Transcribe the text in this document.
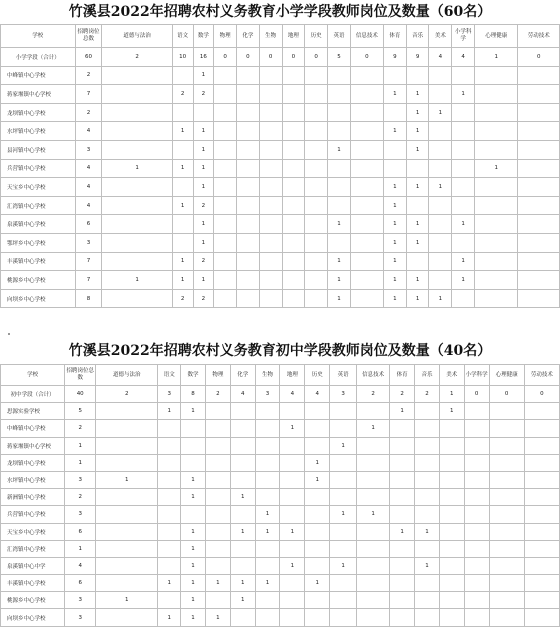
竹溪县2022年招聘农村义务教育小学学段教师岗位及数量（60名）
学校	招聘岗位总数	道德与法治	语文	数学	物理	化学	生物	地理	历史	英语	信息技术	体育	音乐	美术	小学科学	心理健康	劳动技术
小学学段（合计）	60	2	10	16	0	0	0	0	0	5	0	9	9	4	4	1	0
中峰镇中心学校	2			1													
蒋家堰镇中心学校	7		2	2								1	1		1		
龙坝镇中心学校	2												1	1			
水坪镇中心学校	4		1	1								1	1				
县河镇中心学校	3			1						1			1				
兵营镇中心学校	4	1	1	1												1	
天宝乡中心学校	4			1								1	1	1			
汇湾镇中心学校	4		1	2								1					
泉溪镇中心学校	6			1						1		1	1		1		
鄂坪乡中心学校	3			1								1	1				
丰溪镇中心学校	7		1	2						1		1			1		
桃源乡中心学校	7	1	1	1						1		1	1		1		
向坝乡中心学校	8		2	2						1		1	1	1			
竹溪县2022年招聘农村义务教育初中学段教师岗位及数量（40名）
学校	招聘岗位总数	道德与法治	语文	数学	物理	化学	生物	地理	历史	英语	信息技术	体育	音乐	美术	小学科学	心理健康	劳动技术
初中学段（合计）	40	2	3	8	2	4	3	4	4	3	2	2	2	1	0	0	0
思源实验学校	5		1	1								1		1			
中峰镇中心学校	2							1			1						
蒋家堰镇中心学校	1									1							
龙坝镇中心学校	1								1								
水坪镇中心学校	3	1		1					1								
新洲镇中心学校	2			1		1											
兵营镇中心学校	3						1			1	1						
天宝乡中心学校	6			1		1	1	1				1	1				
汇湾镇中心学校	1			1													
泉溪镇中心中学	4			1				1		1			1				
丰溪镇中心学校	6		1	1	1	1	1		1								
桃源乡中心学校	3	1		1		1											
向坝乡中心学校	3		1	1	1												
